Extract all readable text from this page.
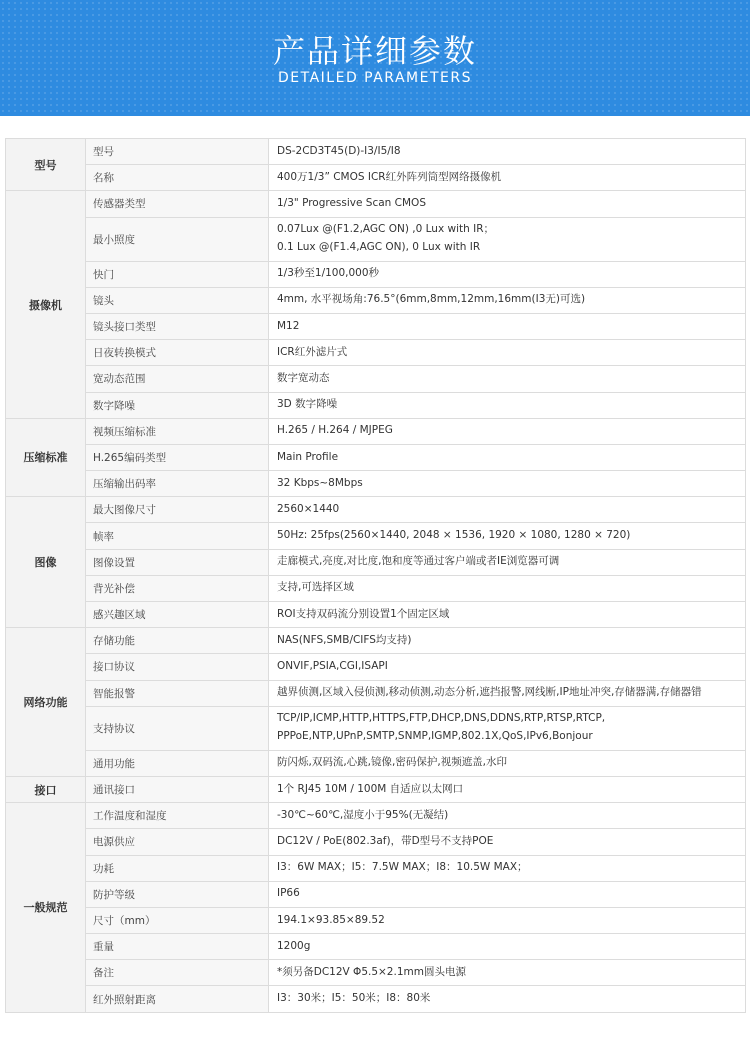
产品详细参数
DETAILED PARAMETERS
型号	型号	DS-2CD3T45(D)-I3/I5/I8

	名称	400万1/3” CMOS ICR红外阵列筒型网络摄像机

摄像机	传感器类型	1/3" Progressive Scan CMOS

	最小照度	0.07Lux @(F1.2,AGC ON) ,0 Lux with IR；
0.1 Lux @(F1.4,AGC ON), 0 Lux with IR

	快门	1/3秒至1/100,000秒

	镜头	4mm, 水平视场角:76.5°(6mm,8mm,12mm,16mm(I3无)可选)

	镜头接口类型	M12

	日夜转换模式	ICR红外滤片式

	宽动态范围	数字宽动态

	数字降噪	3D 数字降噪

压缩标准	视频压缩标准	H.265 / H.264 / MJPEG

	H.265编码类型	Main Profile

	压缩输出码率	32 Kbps~8Mbps

图像	最大图像尺寸	2560×1440

	帧率	50Hz: 25fps(2560×1440, 2048 × 1536, 1920 × 1080, 1280 × 720)

	图像设置	走廊模式,亮度,对比度,饱和度等通过客户端或者IE浏览器可调

	背光补偿	支持,可选择区域

	感兴趣区域	ROI支持双码流分别设置1个固定区域

网络功能	存储功能	NAS(NFS,SMB/CIFS均支持)

	接口协议	ONVIF,PSIA,CGI,ISAPI

	智能报警	越界侦测,区域入侵侦测,移动侦测,动态分析,遮挡报警,网线断,IP地址冲突,存储器满,存储器错

	支持协议	TCP/IP,ICMP,HTTP,HTTPS,FTP,DHCP,DNS,DDNS,RTP,RTSP,RTCP,
PPPoE,NTP,UPnP,SMTP,SNMP,IGMP,802.1X,QoS,IPv6,Bonjour

	通用功能	防闪烁,双码流,心跳,镜像,密码保护,视频遮盖,水印

接口	通讯接口	1个 RJ45 10M / 100M 自适应以太网口

一般规范	工作温度和湿度	-30℃~60℃,湿度小于95%(无凝结)

	电源供应	DC12V / PoE(802.3af)，带D型号不支持POE

	功耗	I3：6W MAX；I5：7.5W MAX；I8：10.5W MAX；

	防护等级	IP66

	尺寸（mm）	194.1×93.85×89.52

	重量	1200g

	备注	*须另备DC12V Φ5.5×2.1mm圆头电源

	红外照射距离	I3：30米；I5：50米；I8：80米
